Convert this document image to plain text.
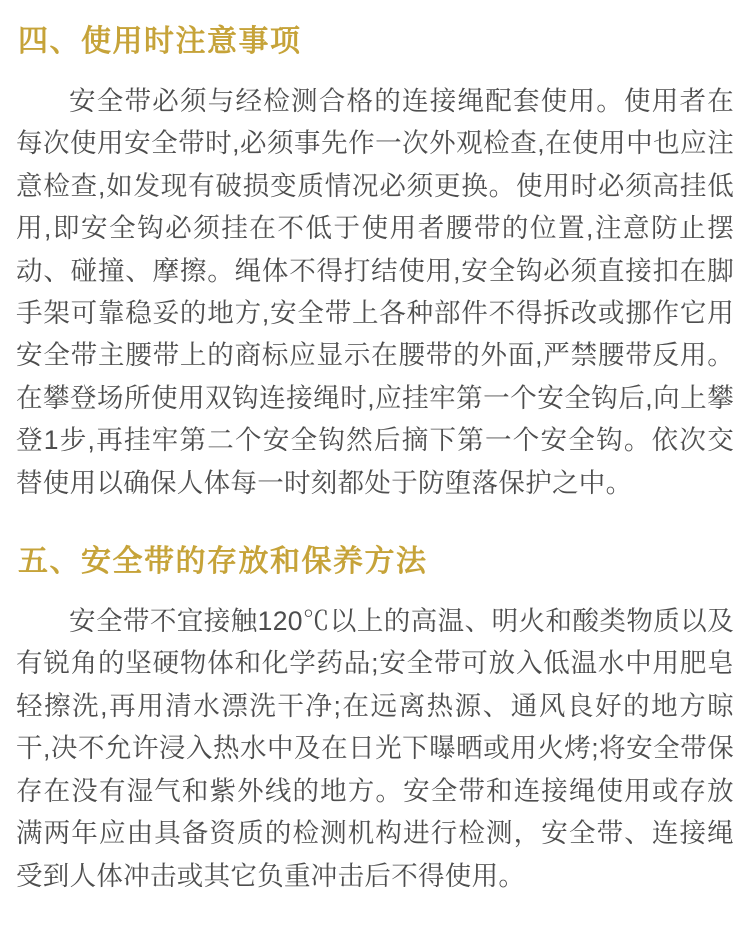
四、使用时注意事项

安全带必须与经检测合格的连接绳配套使用。使用者在每次使用安全带时,必须事先作一次外观检查,在使用中也应注意检查,如发现有破损变质情况必须更换。使用时必须高挂低用,即安全钩必须挂在不低于使用者腰带的位置,注意防止摆动、碰撞、摩擦。绳体不得打结使用,安全钩必须直接扣在脚手架可靠稳妥的地方,安全带上各种部件不得拆改或挪作它用安全带主腰带上的商标应显示在腰带的外面,严禁腰带反用。在攀登场所使用双钩连接绳时,应挂牢第一个安全钩后,向上攀登1步,再挂牢第二个安全钩然后摘下第一个安全钩。依次交替使用以确保人体每一时刻都处于防堕落保护之中。

五、安全带的存放和保养方法

安全带不宜接触120℃以上的高温、明火和酸类物质以及有锐角的坚硬物体和化学药品;安全带可放入低温水中用肥皂轻擦洗,再用清水漂洗干净;在远离热源、通风良好的地方晾干,决不允许浸入热水中及在日光下曝晒或用火烤;将安全带保存在没有湿气和紫外线的地方。安全带和连接绳使用或存放满两年应由具备资质的检测机构进行检测，安全带、连接绳受到人体冲击或其它负重冲击后不得使用。
